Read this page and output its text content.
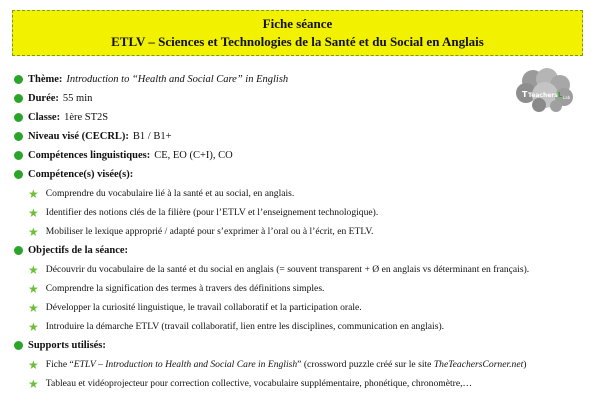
Fiche séance
ETLV – Sciences et Technologies de la Santé et du Social en Anglais
T Teachers L Lab
Thème: Introduction to “Health and Social Care” in English
Durée: 55 min
Classe: 1ère ST2S
Niveau visé (CECRL): B1 / B1+
Compétences linguistiques: CE, EO (C+I), CO
Compétence(s) visée(s):
★ Comprendre du vocabulaire lié à la santé et au social, en anglais.
★ Identifier des notions clés de la filière (pour l’ETLV et l’enseignement technologique).
★ Mobiliser le lexique approprié / adapté pour s’exprimer à l’oral ou à l’écrit, en ETLV.
Objectifs de la séance:
★ Découvrir du vocabulaire de la santé et du social en anglais (= souvent transparent + Ø en anglais vs déterminant en français).
★ Comprendre la signification des termes à travers des définitions simples.
★ Développer la curiosité linguistique, le travail collaboratif et la participation orale.
★ Introduire la démarche ETLV (travail collaboratif, lien entre les disciplines, communication en anglais).
Supports utilisés:
★ Fiche “ETLV – Introduction to Health and Social Care in English” (crossword puzzle créé sur le site TheTeachersCorner.net)
★ Tableau et vidéoprojecteur pour correction collective, vocabulaire supplémentaire, phonétique, chronomètre,…
